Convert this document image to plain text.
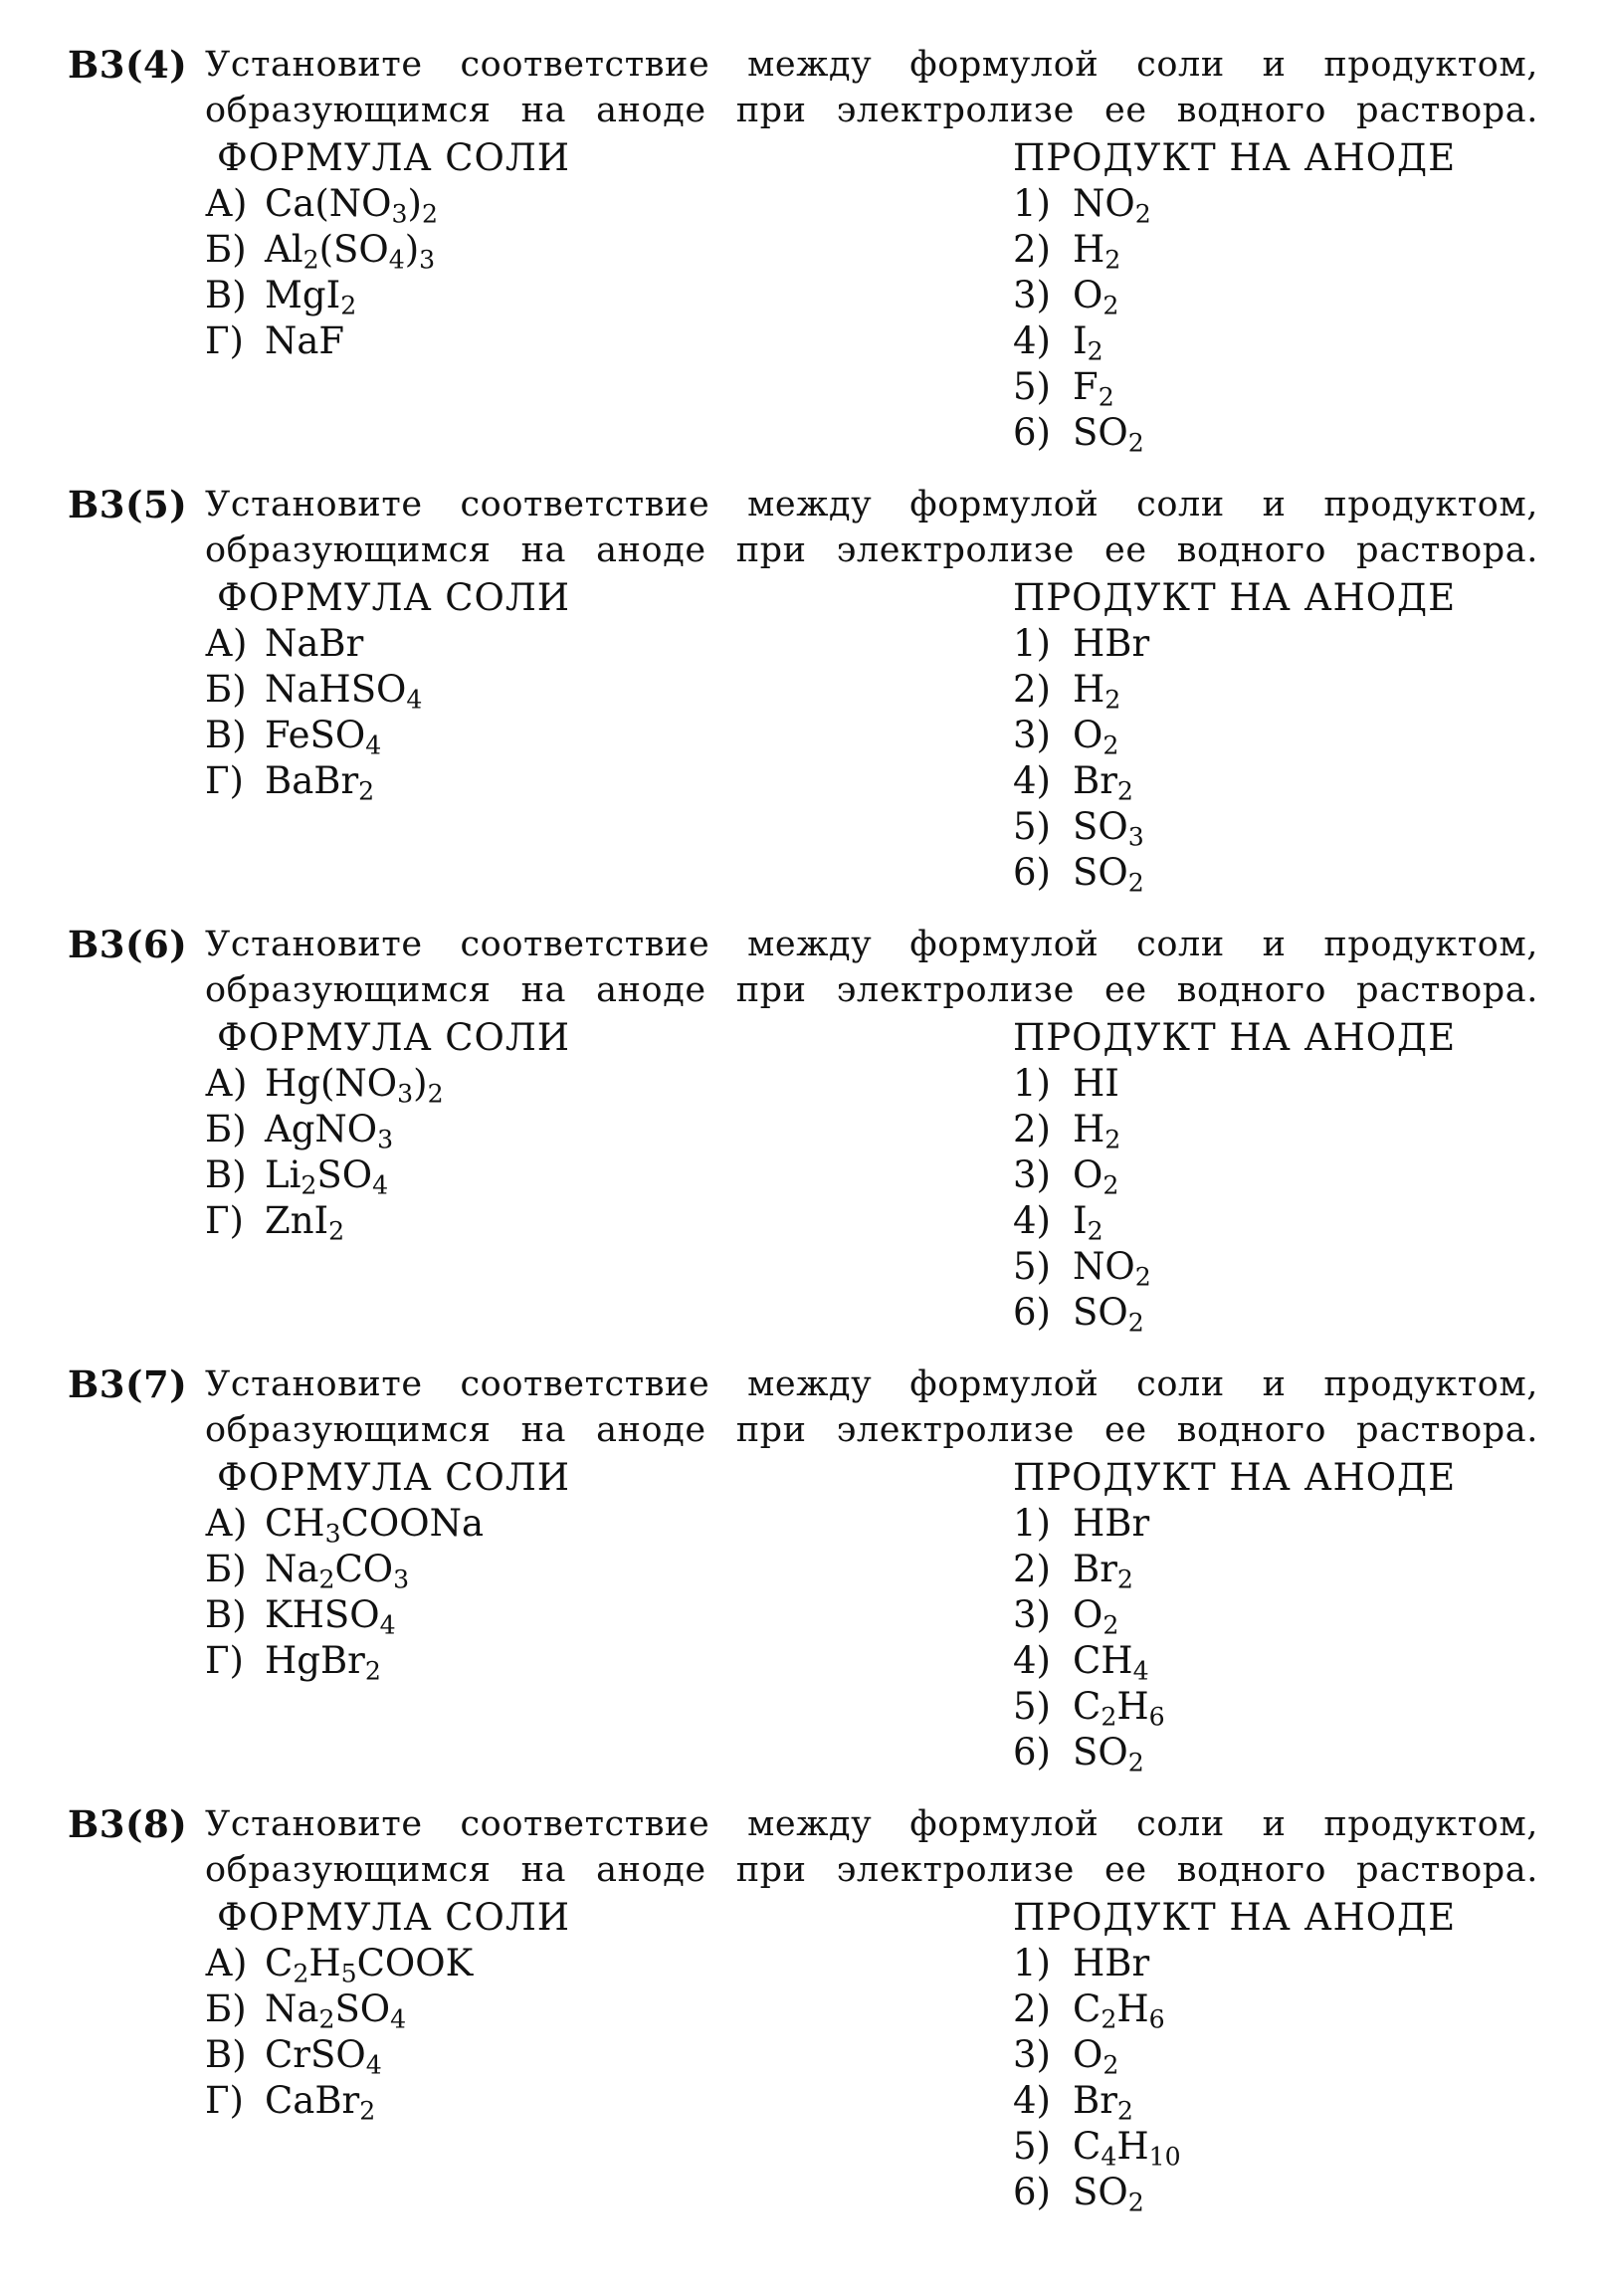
B3(4) Установите соответствие между формулой соли и продуктом,
образующимся на аноде при электролизе ее водного раствора.
ФОРМУЛА СОЛИ	ПРОДУКТ НА АНОДЕ
А) $Ca(NO_3)_2$
Б) $Al_2(SO_4)_3$
В) MgI$_2$
Г) NaF
1) $NO_2$
2) $H_2$
3) $O_2$
4) $I_2$
5) $F_2$
6) $SO_2$
B3(5) Установите соответствие между формулой соли и продуктом,
образующимся на аноде при электролизе ее водного раствора.
ФОРМУЛА СОЛИ	ПРОДУКТ НА АНОДЕ
А) NaBr
Б) NaHSO$_4$
В) FeSO$_4$
Г) BaBr$_2$
1) HBr
2) $H_2$
3) $O_2$
4) $Br_2$
5) $SO_3$
6) $SO_2$
B3(6) Установите соответствие между формулой соли и продуктом,
образующимся на аноде при электролизе ее водного раствора.
ФОРМУЛА СОЛИ	ПРОДУКТ НА АНОДЕ
А) $Hg(NO_3)_2$
Б) AgNO$_3$
В) $Li_2SO_4$
Г) ZnI$_2$
1) HI
2) $H_2$
3) $O_2$
4) $I_2$
5) $NO_2$
6) $SO_2$
B3(7) Установите соответствие между формулой соли и продуктом,
образующимся на аноде при электролизе ее водного раствора.
ФОРМУЛА СОЛИ	ПРОДУКТ НА АНОДЕ
А) $CH_3COONa$
Б) $Na_2CO_3$
В) $KHSO_4$
Г) HgBr$_2$
1) HBr
2) $Br_2$
3) $O_2$
4) $CH_4$
5) $C_2H_6$
6) $SO_2$
B3(8) Установите соответствие между формулой соли и продуктом,
образующимся на аноде при электролизе ее водного раствора.
ФОРМУЛА СОЛИ	ПРОДУКТ НА АНОДЕ
А) $C_2H_5COOK$
Б) $Na_2SO_4$
В) CrSO$_4$
Г) CaBr$_2$
1) HBr
2) $C_2H_6$
3) $O_2$
4) $Br_2$
5) $C_4H_{10}$
6) $SO_2$
